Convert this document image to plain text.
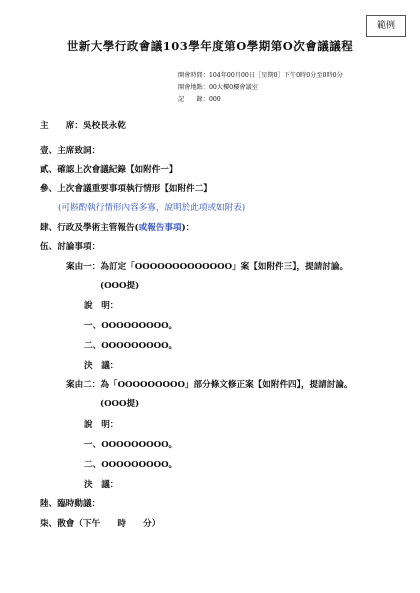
範例
世新大學行政會議103學年度第O學期第O次會議議程
開會時間：104年00月00日［星期0］下午0時0分至0時0分
開會地點：00大樓0樓會議室
記　　錄：000
主　　席：吳校長永乾
壹、主席致詞：
貳、確認上次會議紀錄【如附件一】
參、上次會議重要事項執行情形【如附件二】
(可斟酌執行情形內容多寡，說明於此項或如附表)
肆、行政及學術主管報告(或報告事項)：
伍、討論事項：
案由一：為訂定「OOOOOOOOOOOOO」案【如附件三】，提請討論。
(OOO提)
說　明：
一、OOOOOOOOO。
二、OOOOOOOOO。
決　議：
案由二：為「OOOOOOOOO」部分條文修正案【如附件四】，提請討論。
(OOO提)
說　明：
一、OOOOOOOOO。
二、OOOOOOOOO。
決　議：
陸、臨時動議：
柒、散會（下午　　時　　分）
